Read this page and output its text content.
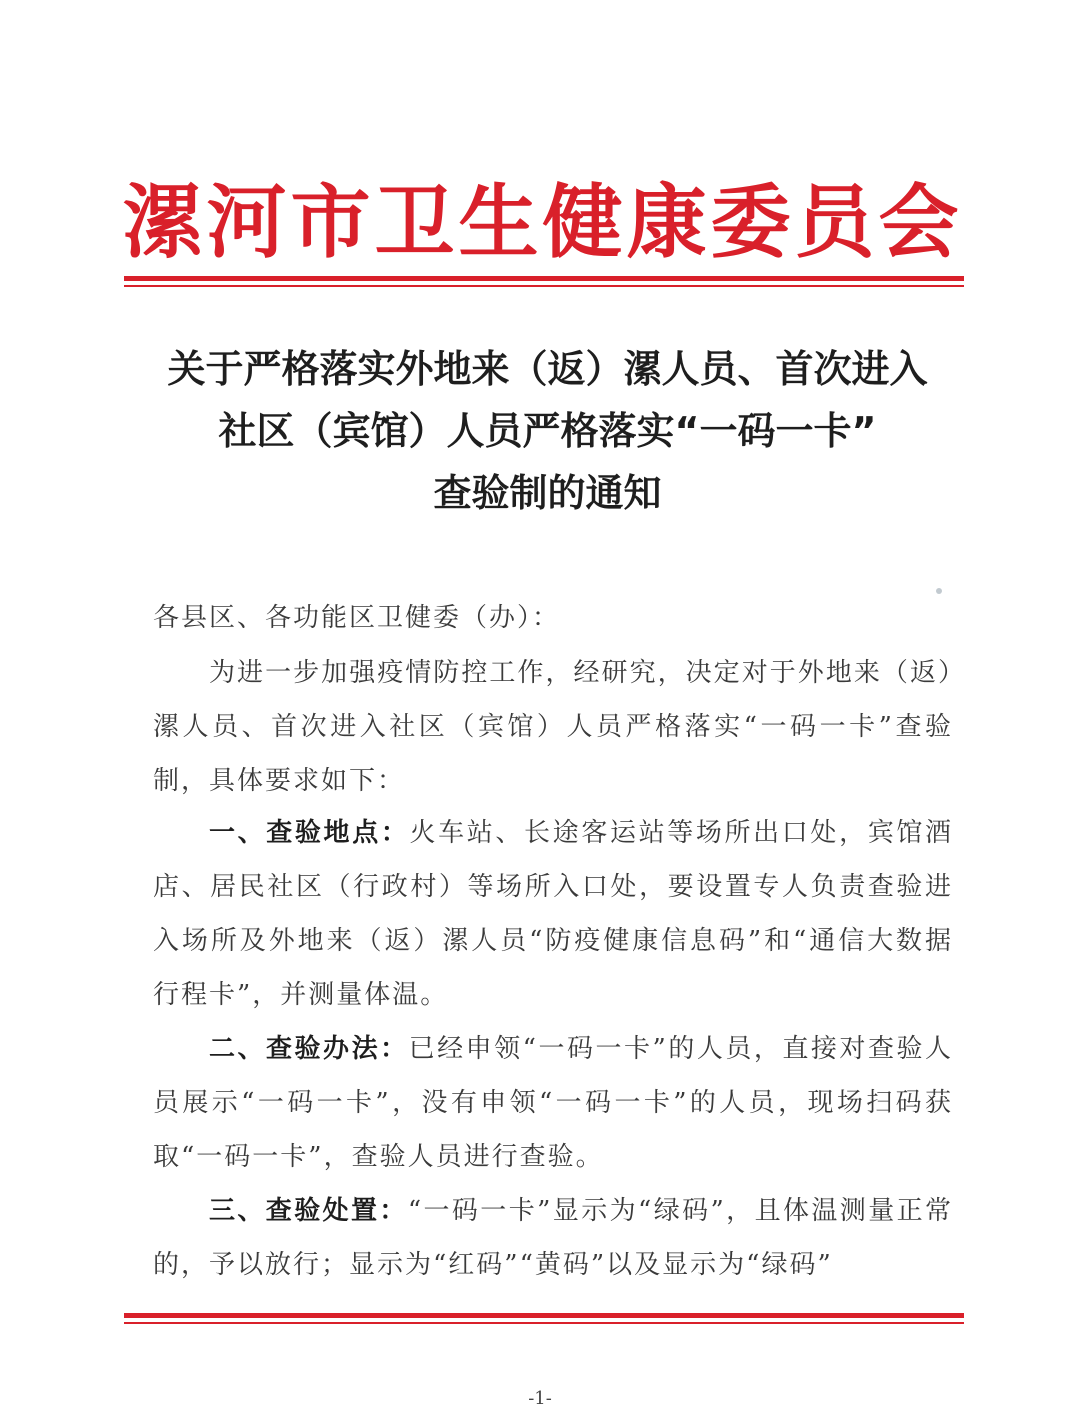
漯河市卫生健康委员会
关于严格落实外地来（返）漯人员、首次进入
社区（宾馆）人员严格落实“一码一卡”
查验制的通知
各县区、各功能区卫健委（办）：
为进一步加强疫情防控工作，经研究，决定对于外地来（返）漯人员、首次进入社区（宾馆）人员严格落实“一码一卡”查验制，具体要求如下：
一、查验地点：火车站、长途客运站等场所出口处，宾馆酒店、居民社区（行政村）等场所入口处，要设置专人负责查验进入场所及外地来（返）漯人员“防疫健康信息码”和“通信大数据行程卡”，并测量体温。
二、查验办法：已经申领“一码一卡”的人员，直接对查验人员展示“一码一卡”，没有申领“一码一卡”的人员，现场扫码获取“一码一卡”，查验人员进行查验。
三、查验处置：“一码一卡”显示为“绿码”，且体温测量正常的，予以放行；显示为“红码”“黄码”以及显示为“绿码”
-1-
